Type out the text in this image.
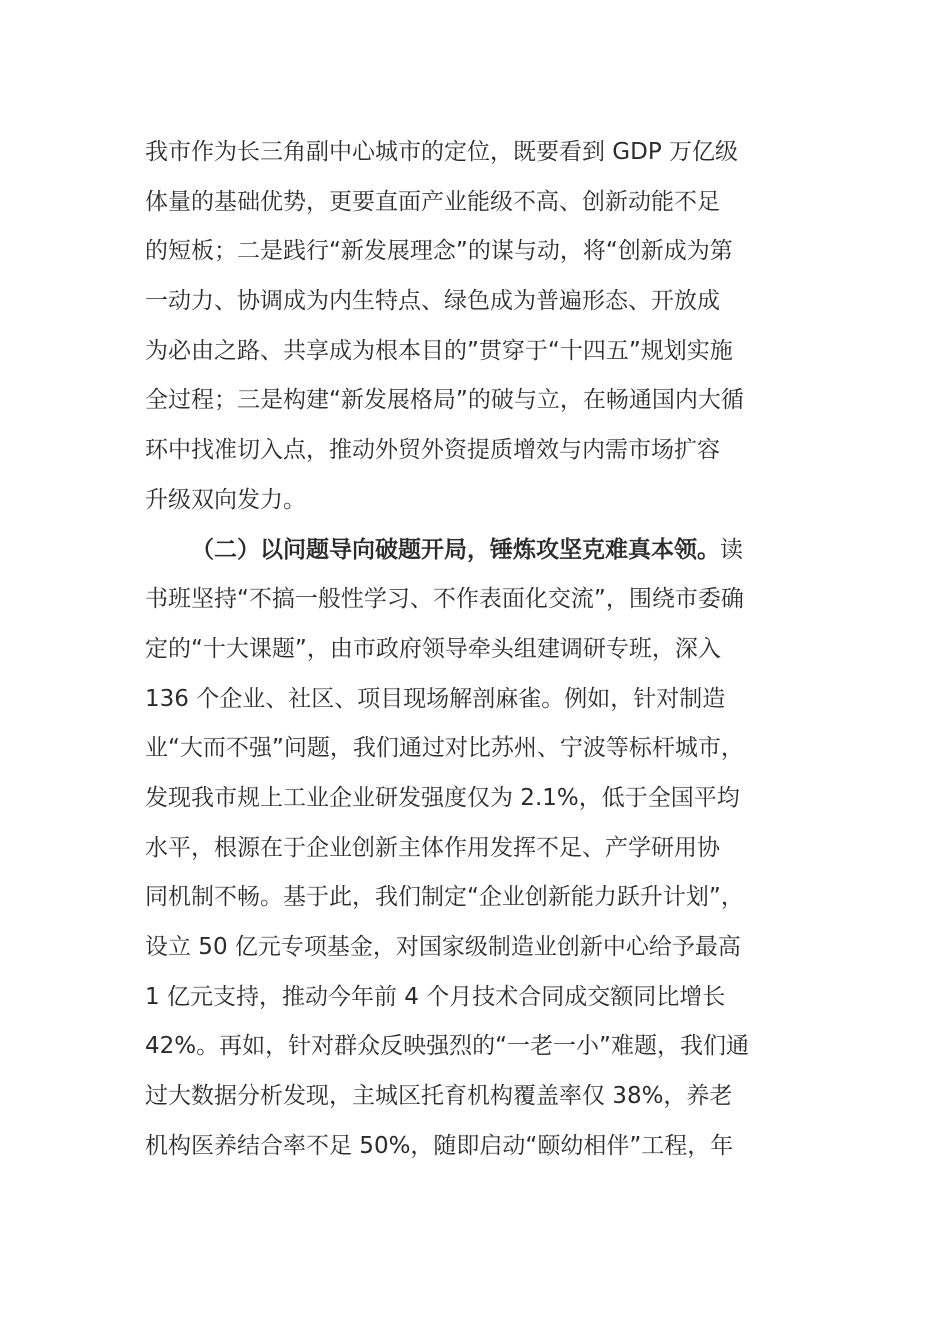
我市作为长三角副中心城市的定位，既要看到 GDP 万亿级
体量的基础优势，更要直面产业能级不高、创新动能不足
的短板；二是践行“新发展理念”的谋与动，将“创新成为第
一动力、协调成为内生特点、绿色成为普遍形态、开放成
为必由之路、共享成为根本目的”贯穿于“十四五”规划实施
全过程；三是构建“新发展格局”的破与立，在畅通国内大循
环中找准切入点，推动外贸外资提质增效与内需市场扩容
升级双向发力。
（二）以问题导向破题开局，锤炼攻坚克难真本领。读
书班坚持“不搞一般性学习、不作表面化交流”，围绕市委确
定的“十大课题”，由市政府领导牵头组建调研专班，深入
136 个企业、社区、项目现场解剖麻雀。例如，针对制造
业“大而不强”问题，我们通过对比苏州、宁波等标杆城市，
发现我市规上工业企业研发强度仅为 2.1%，低于全国平均
水平，根源在于企业创新主体作用发挥不足、产学研用协
同机制不畅。基于此，我们制定“企业创新能力跃升计划”，
设立 50 亿元专项基金，对国家级制造业创新中心给予最高
1 亿元支持，推动今年前 4 个月技术合同成交额同比增长
42%。再如，针对群众反映强烈的“一老一小”难题，我们通
过大数据分析发现，主城区托育机构覆盖率仅 38%，养老
机构医养结合率不足 50%，随即启动“颐幼相伴”工程，年
